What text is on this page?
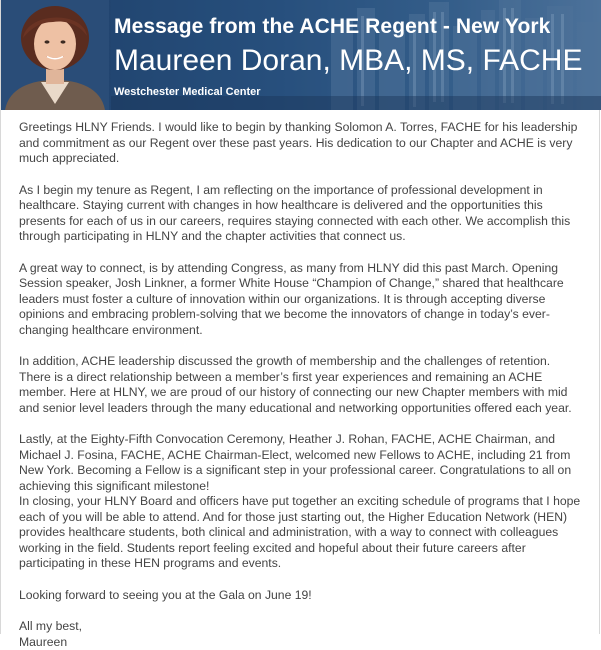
Message from the ACHE Regent - New York
Maureen Doran, MBA, MS, FACHE
Westchester Medical Center

Greetings HLNY Friends. I would like to begin by thanking Solomon A. Torres, FACHE for his leadership and commitment as our Regent over these past years. His dedication to our Chapter and ACHE is very much appreciated.

As I begin my tenure as Regent, I am reflecting on the importance of professional development in healthcare. Staying current with changes in how healthcare is delivered and the opportunities this presents for each of us in our careers, requires staying connected with each other. We accomplish this through participating in HLNY and the chapter activities that connect us.

A great way to connect, is by attending Congress, as many from HLNY did this past March. Opening Session speaker, Josh Linkner, a former White House “Champion of Change,” shared that healthcare leaders must foster a culture of innovation within our organizations. It is through accepting diverse opinions and embracing problem-solving that we become the innovators of change in today’s ever-changing healthcare environment.

In addition, ACHE leadership discussed the growth of membership and the challenges of retention. There is a direct relationship between a member’s first year experiences and remaining an ACHE member. Here at HLNY, we are proud of our history of connecting our new Chapter members with mid and senior level leaders through the many educational and networking opportunities offered each year.

Lastly, at the Eighty-Fifth Convocation Ceremony, Heather J. Rohan, FACHE, ACHE Chairman, and Michael J. Fosina, FACHE, ACHE Chairman-Elect, welcomed new Fellows to ACHE, including 21 from New York. Becoming a Fellow is a significant step in your professional career. Congratulations to all on achieving this significant milestone!

In closing, your HLNY Board and officers have put together an exciting schedule of programs that I hope each of you will be able to attend. And for those just starting out, the Higher Education Network (HEN) provides healthcare students, both clinical and administration, with a way to connect with colleagues working in the field. Students report feeling excited and hopeful about their future careers after participating in these HEN programs and events.

Looking forward to seeing you at the Gala on June 19!

All my best,
Maureen
